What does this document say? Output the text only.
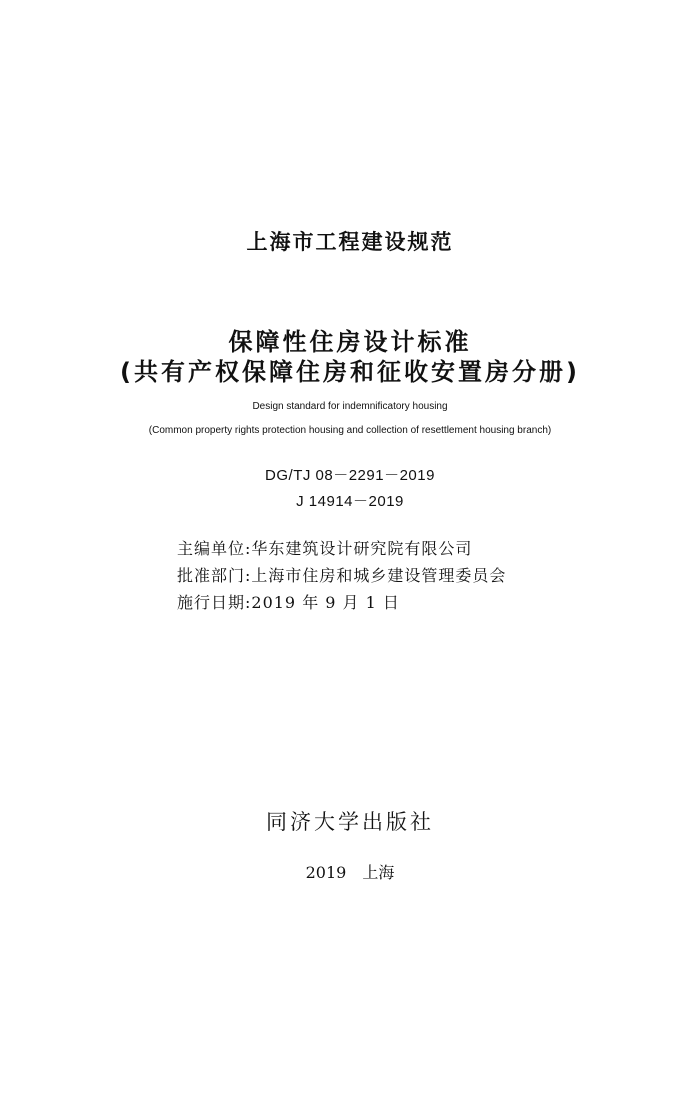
上海市工程建设规范
保障性住房设计标准
(共有产权保障住房和征收安置房分册)
Design standard for indemnificatory housing
(Common property rights protection housing and collection of resettlement housing branch)
DG/TJ 08－2291－2019
J 14914－2019
主编单位:华东建筑设计研究院有限公司
批准部门:上海市住房和城乡建设管理委员会
施行日期:2019 年 9 月 1 日
同济大学出版社
2019　上海
